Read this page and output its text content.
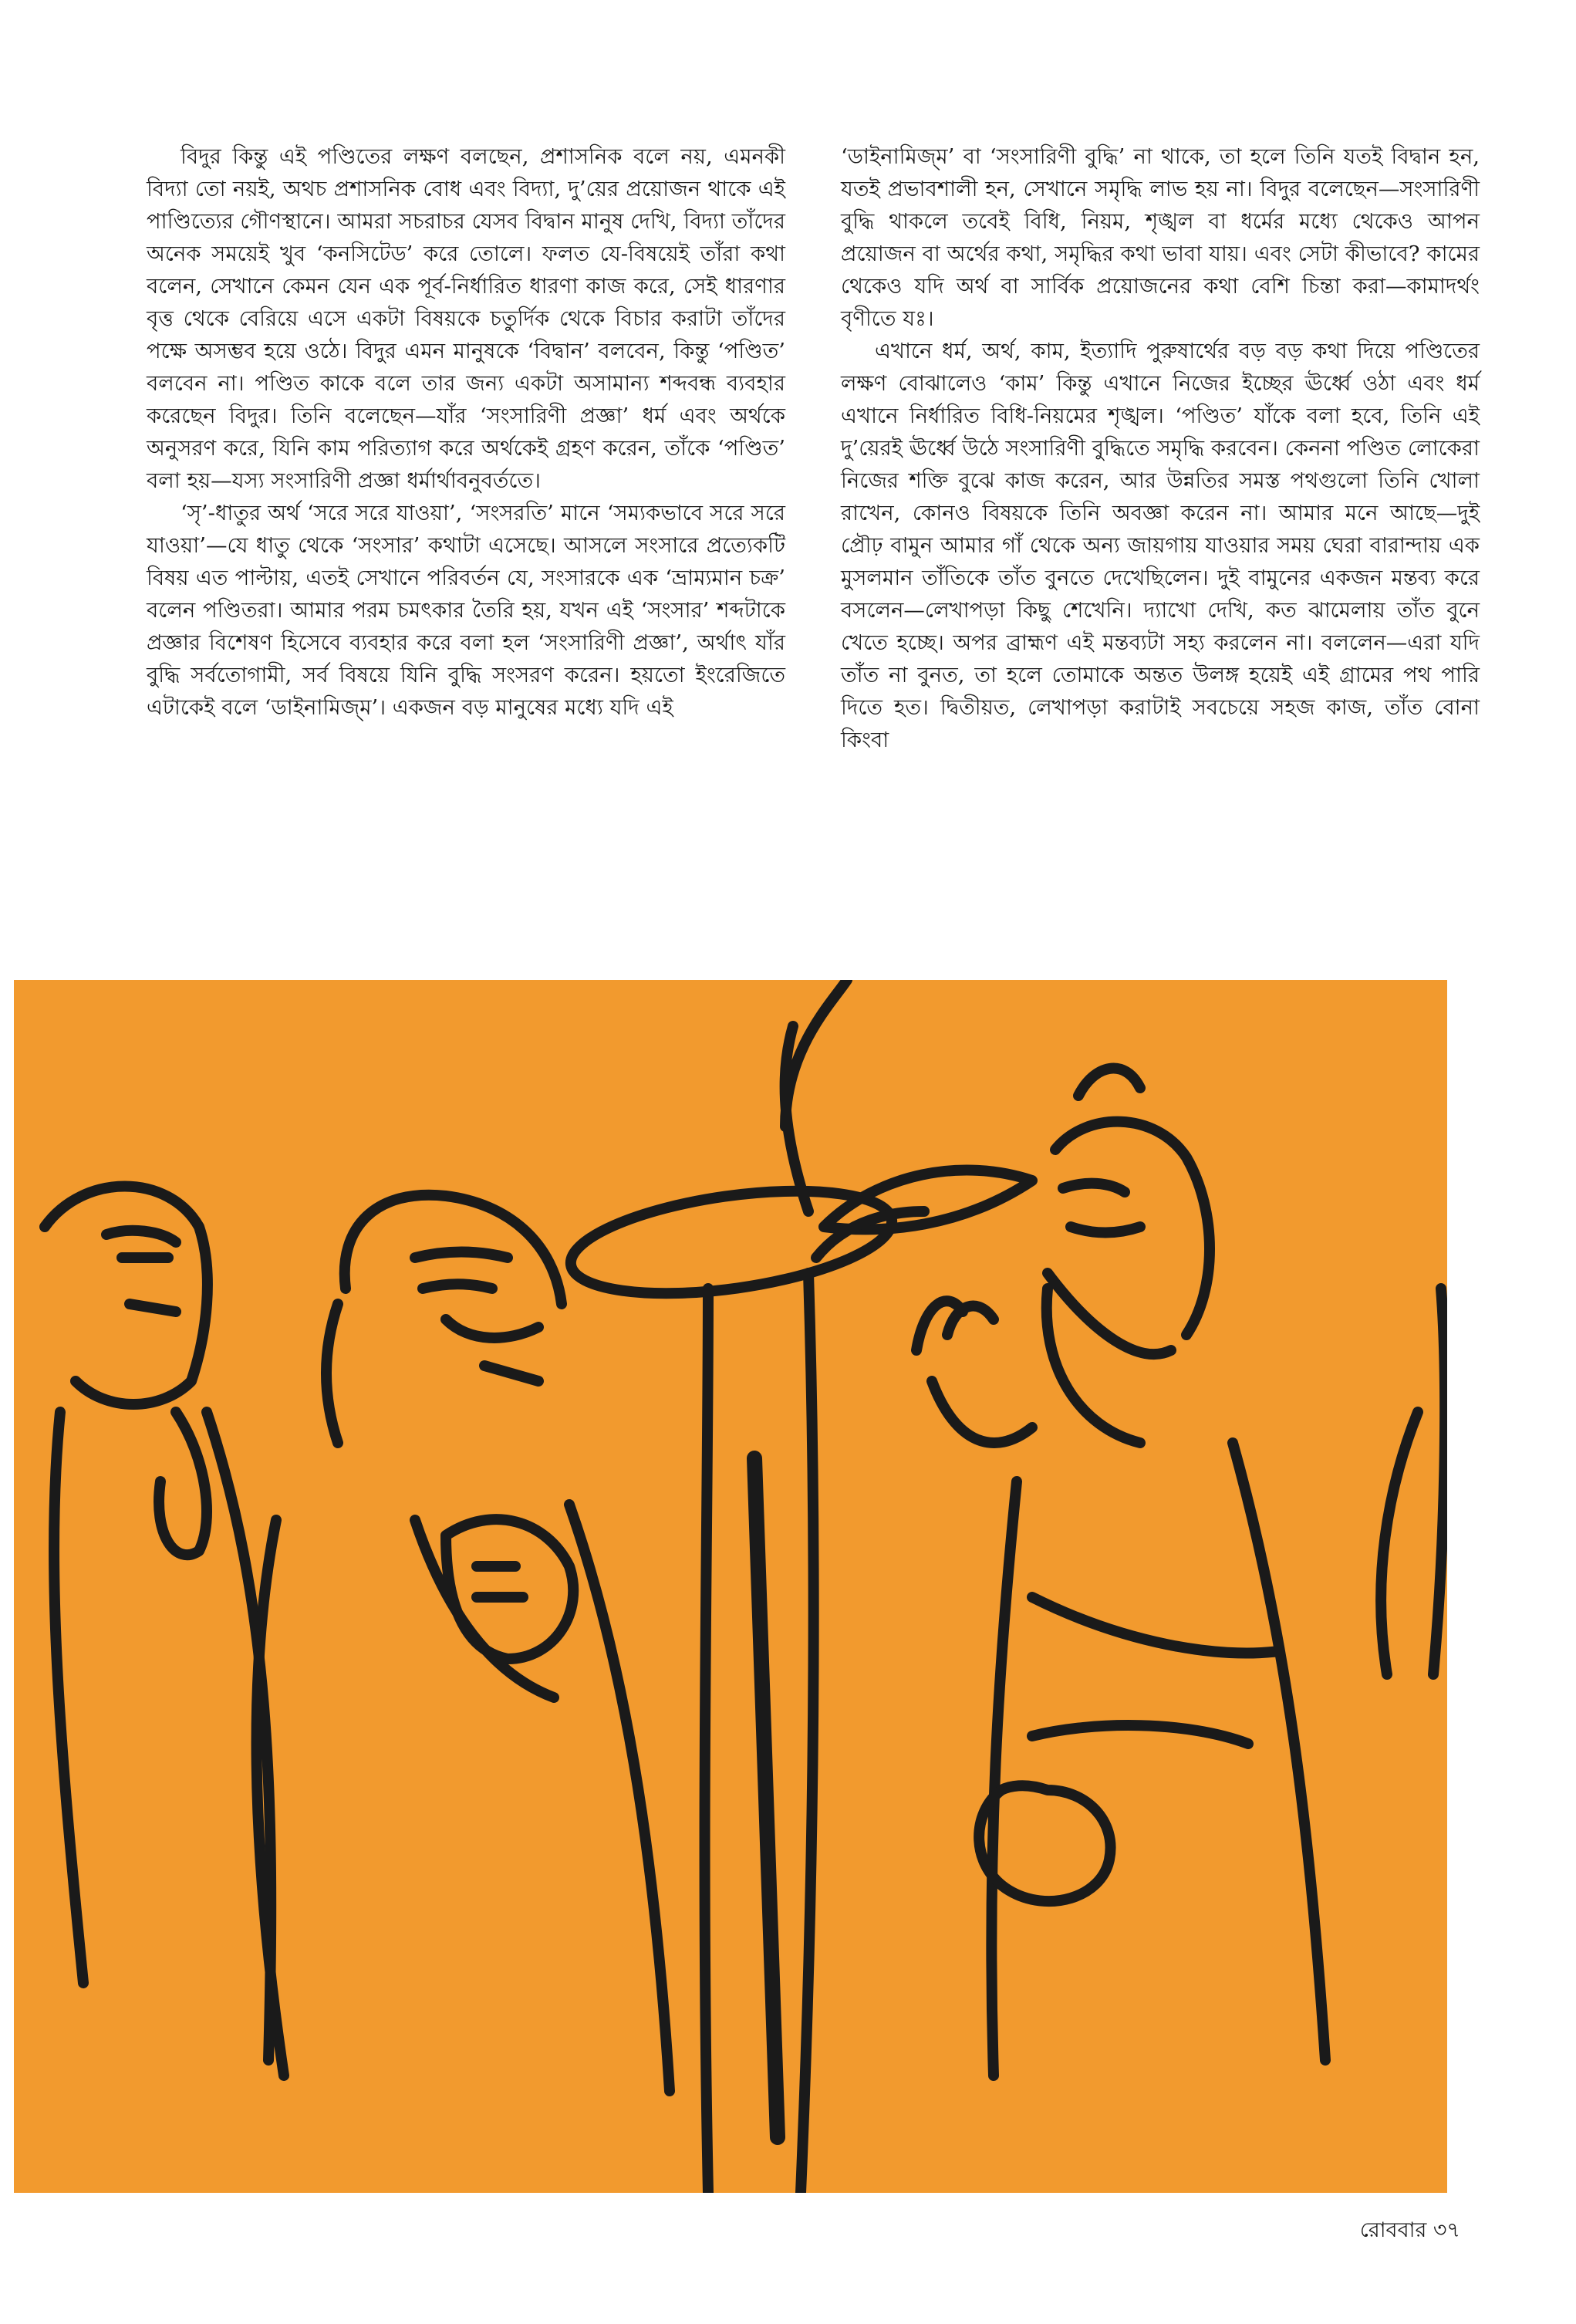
বিদুর কিন্তু এই পণ্ডিতের লক্ষণ বলছেন, প্রশাসনিক বলে নয়, এমনকী বিদ্যা তো নয়ই, অথচ প্রশাসনিক বোধ এবং বিদ্যা, দু’য়ের প্রয়োজন থাকে এই পাণ্ডিত্যের গৌণস্থানে। আমরা সচরাচর যেসব বিদ্বান মানুষ দেখি, বিদ্যা তাঁদের অনেক সময়েই খুব ‘কনসিটেড’ করে তোলে। ফলত যে-বিষয়েই তাঁরা কথা বলেন, সেখানে কেমন যেন এক পূর্ব-নির্ধারিত ধারণা কাজ করে, সেই ধারণার বৃত্ত থেকে বেরিয়ে এসে একটা বিষয়কে চতুর্দিক থেকে বিচার করাটা তাঁদের পক্ষে অসম্ভব হয়ে ওঠে। বিদুর এমন মানুষকে ‘বিদ্বান’ বলবেন, কিন্তু ‘পণ্ডিত’ বলবেন না। পণ্ডিত কাকে বলে তার জন্য একটা অসামান্য শব্দবন্ধ ব্যবহার করেছেন বিদুর। তিনি বলেছেন—যাঁর ‘সংসারিণী প্রজ্ঞা’ ধর্ম এবং অর্থকে অনুসরণ করে, যিনি কাম পরিত্যাগ করে অর্থকেই গ্রহণ করেন, তাঁকে ‘পণ্ডিত’ বলা হয়—যস্য সংসারিণী প্রজ্ঞা ধর্মার্থাবনুবর্ততে।

‘সৃ’-ধাতুর অর্থ ‘সরে সরে যাওয়া’, ‘সংসরতি’ মানে ‘সম্যকভাবে সরে সরে যাওয়া’—যে ধাতু থেকে ‘সংসার’ কথাটা এসেছে। আসলে সংসারে প্রত্যেকটি বিষয় এত পাল্টায়, এতই সেখানে পরিবর্তন যে, সংসারকে এক ‘ভ্রাম্যমান চক্র’ বলেন পণ্ডিতরা। আমার পরম চমৎকার তৈরি হয়, যখন এই ‘সংসার’ শব্দটাকে প্রজ্ঞার বিশেষণ হিসেবে ব্যবহার করে বলা হল ‘সংসারিণী প্রজ্ঞা’, অর্থাৎ যাঁর বুদ্ধি সর্বতোগামী, সর্ব বিষয়ে যিনি বুদ্ধি সংসরণ করেন। হয়তো ইংরেজিতে এটাকেই বলে ‘ডাইনামিজ্‌ম’। একজন বড় মানুষের মধ্যে যদি এই

‘ডাইনামিজ্‌ম’ বা ‘সংসারিণী বুদ্ধি’ না থাকে, তা হলে তিনি যতই বিদ্বান হন, যতই প্রভাবশালী হন, সেখানে সমৃদ্ধি লাভ হয় না। বিদুর বলেছেন—সংসারিণী বুদ্ধি থাকলে তবেই বিধি, নিয়ম, শৃঙ্খল বা ধর্মের মধ্যে থেকেও আপন প্রয়োজন বা অর্থের কথা, সমৃদ্ধির কথা ভাবা যায়। এবং সেটা কীভাবে? কামের থেকেও যদি অর্থ বা সার্বিক প্রয়োজনের কথা বেশি চিন্তা করা—কামাদর্থং বৃণীতে যঃ।

এখানে ধর্ম, অর্থ, কাম, ইত্যাদি পুরুষার্থের বড় বড় কথা দিয়ে পণ্ডিতের লক্ষণ বোঝালেও ‘কাম’ কিন্তু এখানে নিজের ইচ্ছের ঊর্ধ্বে ওঠা এবং ধর্ম এখানে নির্ধারিত বিধি-নিয়মের শৃঙ্খল। ‘পণ্ডিত’ যাঁকে বলা হবে, তিনি এই দু’য়েরই ঊর্ধ্বে উঠে সংসারিণী বুদ্ধিতে সমৃদ্ধি করবেন। কেননা পণ্ডিত লোকেরা নিজের শক্তি বুঝে কাজ করেন, আর উন্নতির সমস্ত পথগুলো তিনি খোলা রাখেন, কোনও বিষয়কে তিনি অবজ্ঞা করেন না। আমার মনে আছে—দুই প্রৌঢ় বামুন আমার গাঁ থেকে অন্য জায়গায় যাওয়ার সময় ঘেরা বারান্দায় এক মুসলমান তাঁতিকে তাঁত বুনতে দেখেছিলেন। দুই বামুনের একজন মন্তব্য করে বসলেন—লেখাপড়া কিছু শেখেনি। দ্যাখো দেখি, কত ঝামেলায় তাঁত বুনে খেতে হচ্ছে। অপর ব্রাহ্মণ এই মন্তব্যটা সহ্য করলেন না। বললেন—এরা যদি তাঁত না বুনত, তা হলে তোমাকে অন্তত উলঙ্গ হয়েই এই গ্রামের পথ পারি দিতে হত। দ্বিতীয়ত, লেখাপড়া করাটাই সবচেয়ে সহজ কাজ, তাঁত বোনা কিংবা

রোববার ৩৭
